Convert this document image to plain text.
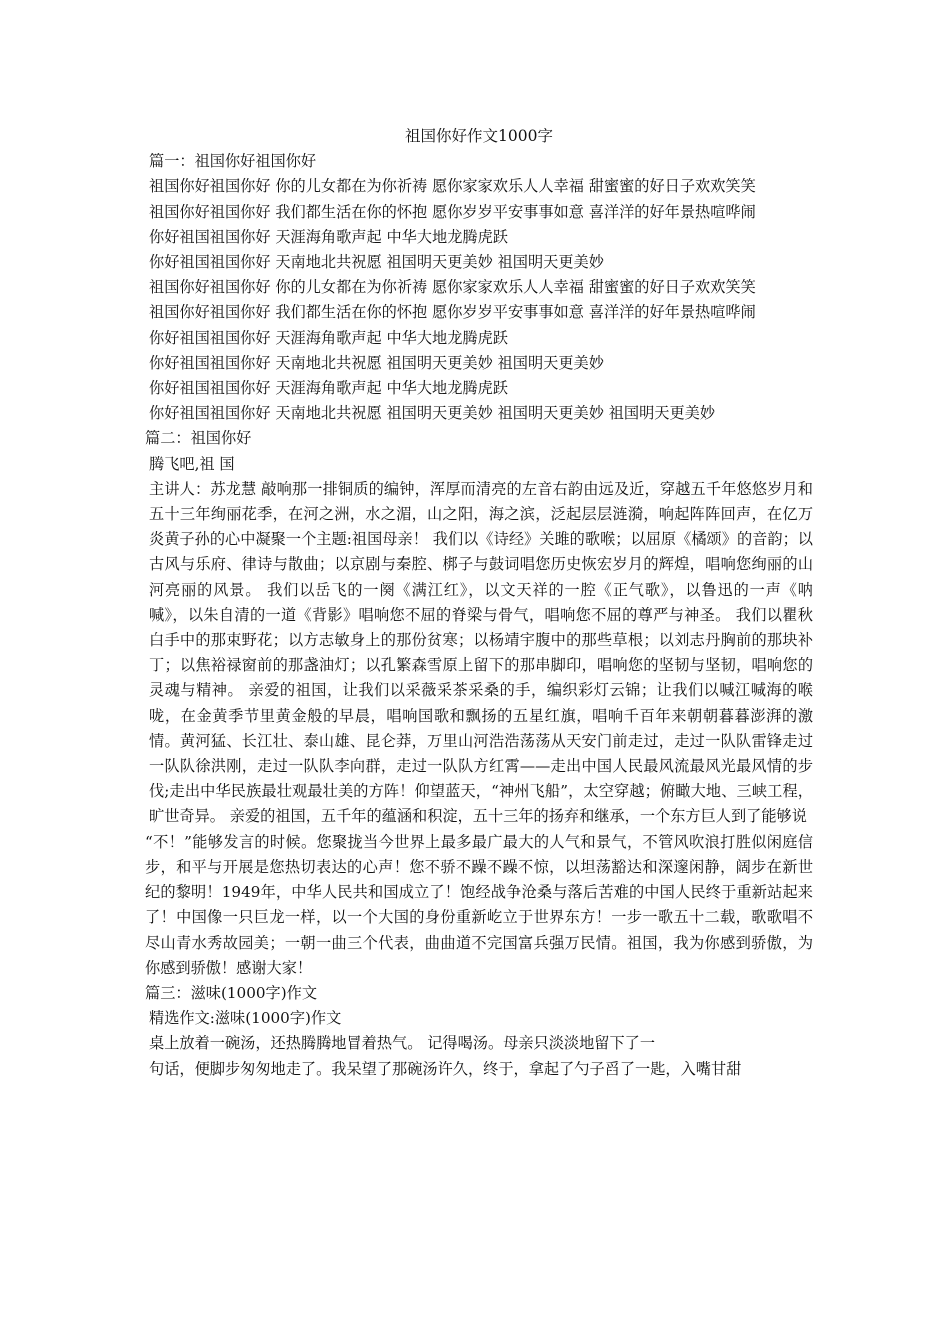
祖国你好作文1000字

篇一：祖国你好祖国你好

祖国你好祖国你好 你的儿女都在为你祈祷 愿你家家欢乐人人幸福 甜蜜蜜的好日子欢欢笑笑

祖国你好祖国你好 我们都生活在你的怀抱 愿你岁岁平安事事如意 喜洋洋的好年景热喧哗闹

你好祖国祖国你好 天涯海角歌声起 中华大地龙腾虎跃

你好祖国祖国你好 天南地北共祝愿 祖国明天更美妙 祖国明天更美妙

祖国你好祖国你好 你的儿女都在为你祈祷 愿你家家欢乐人人幸福 甜蜜蜜的好日子欢欢笑笑

祖国你好祖国你好 我们都生活在你的怀抱 愿你岁岁平安事事如意 喜洋洋的好年景热喧哗闹

你好祖国祖国你好 天涯海角歌声起 中华大地龙腾虎跃

你好祖国祖国你好 天南地北共祝愿 祖国明天更美妙 祖国明天更美妙

你好祖国祖国你好 天涯海角歌声起 中华大地龙腾虎跃

你好祖国祖国你好 天南地北共祝愿 祖国明天更美妙 祖国明天更美妙 祖国明天更美妙

篇二：祖国你好

腾飞吧,祖 国

主讲人：苏龙慧 敲响那一排铜质的编钟，浑厚而清亮的左音右韵由远及近，穿越五千年悠悠岁月和五十三年绚丽花季，在河之洲，水之湄，山之阳，海之滨，泛起层层涟漪，响起阵阵回声，在亿万炎黄子孙的心中凝聚一个主题:祖国母亲！ 我们以《诗经》关雎的歌喉；以屈原《橘颂》的音韵；以古风与乐府、律诗与散曲；以京剧与秦腔、梆子与鼓词唱您历史恢宏岁月的辉煌，唱响您绚丽的山河亮丽的风景。 我们以岳飞的一阕《满江红》，以文天祥的一腔《正气歌》，以鲁迅的一声《呐喊》，以朱自清的一道《背影》唱响您不屈的脊梁与骨气，唱响您不屈的尊严与神圣。 我们以瞿秋白手中的那束野花；以方志敏身上的那份贫寒；以杨靖宇腹中的那些草根；以刘志丹胸前的那块补丁；以焦裕禄窗前的那盏油灯；以孔繁森雪原上留下的那串脚印，唱响您的坚韧与坚韧，唱响您的灵魂与精神。 亲爱的祖国，让我们以采薇采茶采桑的手，编织彩灯云锦；让我们以喊江喊海的喉咙，在金黄季节里黄金般的早晨，唱响国歌和飘扬的五星红旗，唱响千百年来朝朝暮暮澎湃的激情。黄河猛、长江壮、泰山雄、昆仑莽，万里山河浩浩荡荡从天安门前走过，走过一队队雷锋走过一队队徐洪刚，走过一队队李向群，走过一队队方红霄——走出中国人民最风流最风光最风情的步伐;走出中华民族最壮观最壮美的方阵！仰望蓝天，“神州飞船”，太空穿越；俯瞰大地、三峡工程，旷世奇异。 亲爱的祖国，五千年的蕴涵和积淀，五十三年的扬弃和继承，一个东方巨人到了能够说

“不！”能够发言的时候。您聚拢当今世界上最多最广最大的人气和景气，不管风吹浪打胜似闲庭信步，和平与开展是您热切表达的心声！您不骄不躁不躁不惊，以坦荡豁达和深邃闲静，阔步在新世纪的黎明！1949年，中华人民共和国成立了！饱经战争沧桑与落后苦难的中国人民终于重新站起来了！中国像一只巨龙一样，以一个大国的身份重新屹立于世界东方！一步一歌五十二载，歌歌唱不尽山青水秀故园美；一朝一曲三个代表，曲曲道不完国富兵强万民情。祖国，我为你感到骄傲，为你感到骄傲！感谢大家！

篇三：滋味(1000字)作文

精选作文:滋味(1000字)作文

桌上放着一碗汤，还热腾腾地冒着热气。 记得喝汤。母亲只淡淡地留下了一

句话，便脚步匆匆地走了。我呆望了那碗汤许久，终于，拿起了勺子舀了一匙，入嘴甘甜
